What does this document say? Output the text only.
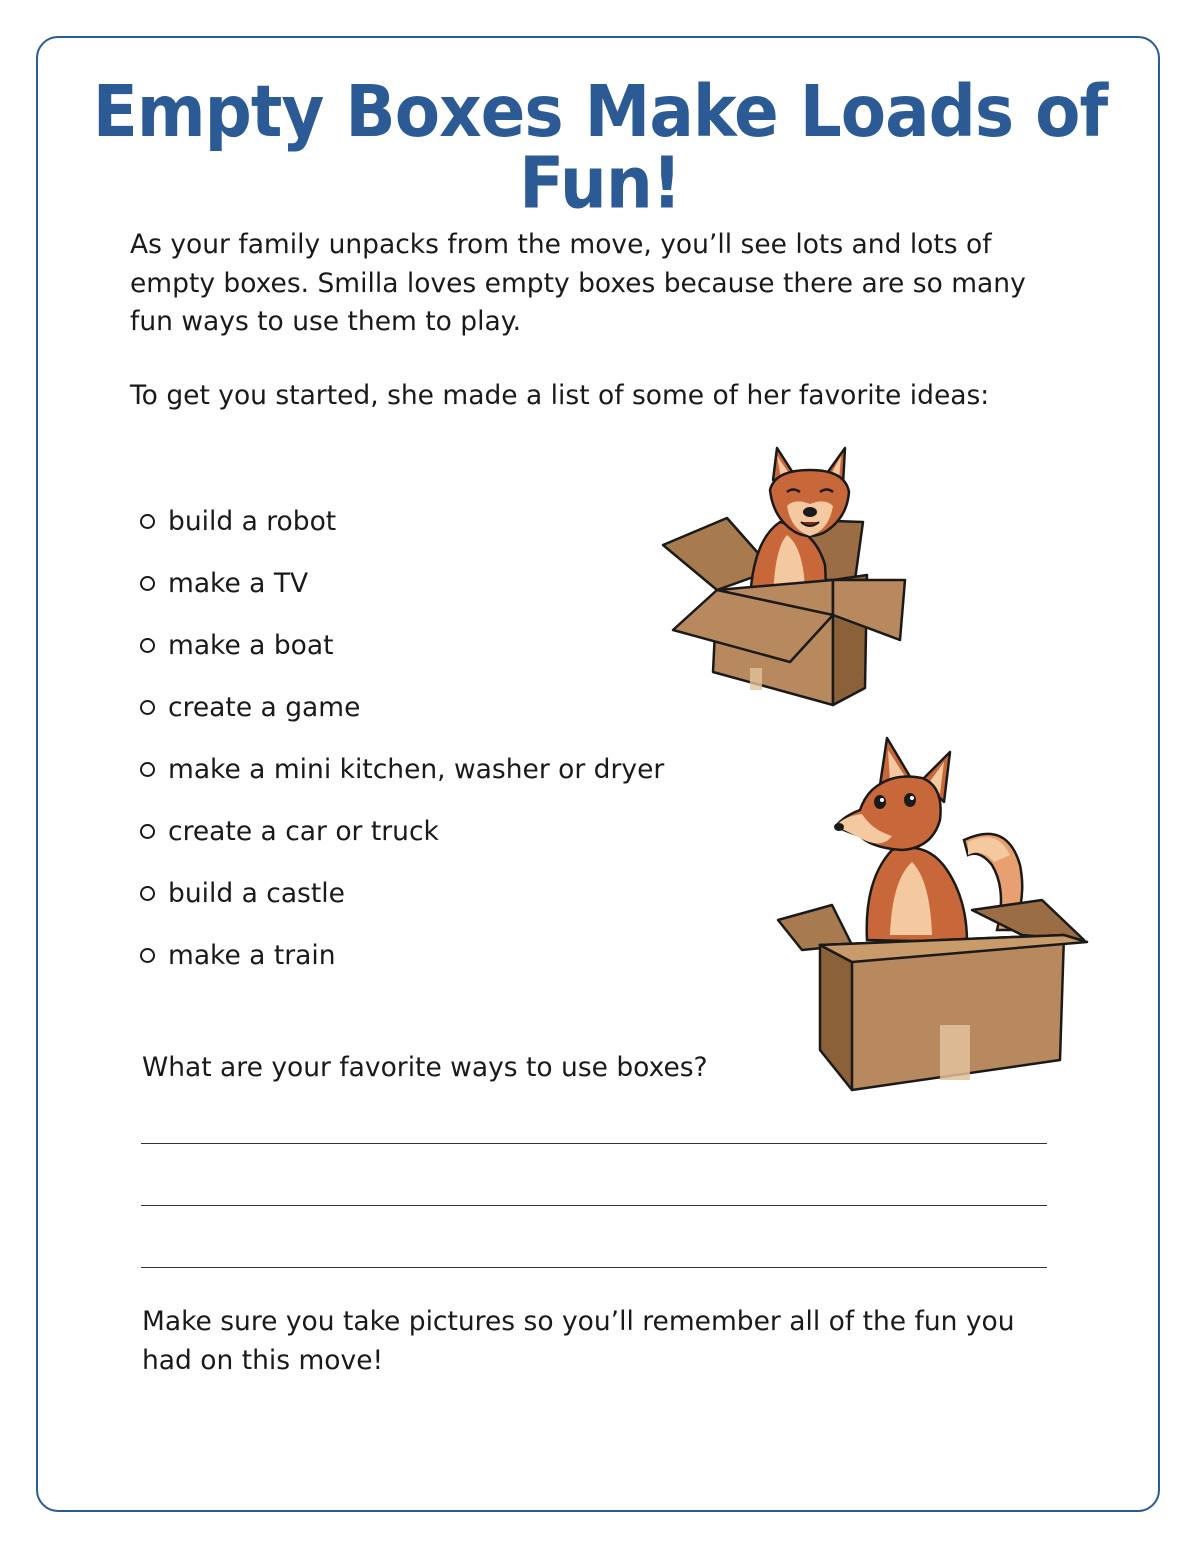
Empty Boxes Make Loads of Fun!

As your family unpacks from the move, you’ll see lots and lots of empty boxes. Smilla loves empty boxes because there are so many fun ways to use them to play.

To get you started, she made a list of some of her favorite ideas:

build a robot
make a TV
make a boat
create a game
make a mini kitchen, washer or dryer
create a car or truck
build a castle
make a train

What are your favorite ways to use boxes?

Make sure you take pictures so you’ll remember all of the fun you had on this move!
